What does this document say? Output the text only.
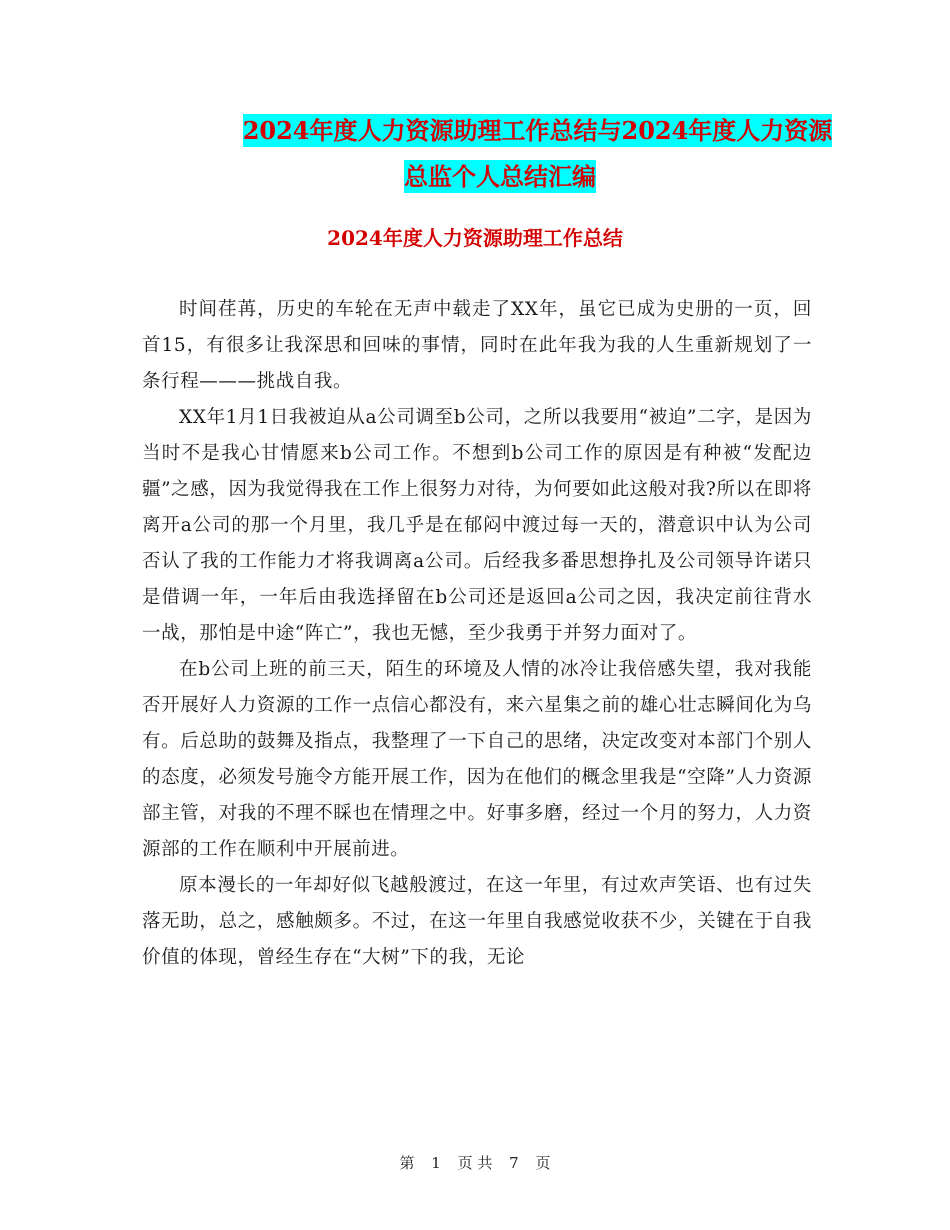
2024年度人力资源助理工作总结与2024年度人力资源
总监个人总结汇编
2024年度人力资源助理工作总结

时间荏苒，历史的车轮在无声中载走了XX年，虽它已成为史册的一页，回首15，有很多让我深思和回味的事情，同时在此年我为我的人生重新规划了一条行程———挑战自我。

XX年1月1日我被迫从a公司调至b公司，之所以我要用“被迫”二字，是因为当时不是我心甘情愿来b公司工作。不想到b公司工作的原因是有种被“发配边疆”之感，因为我觉得我在工作上很努力对待，为何要如此这般对我?所以在即将离开a公司的那一个月里，我几乎是在郁闷中渡过每一天的，潜意识中认为公司否认了我的工作能力才将我调离a公司。后经我多番思想挣扎及公司领导许诺只是借调一年，一年后由我选择留在b公司还是返回a公司之因，我决定前往背水一战，那怕是中途“阵亡”，我也无憾，至少我勇于并努力面对了。

在b公司上班的前三天，陌生的环境及人情的冰冷让我倍感失望，我对我能否开展好人力资源的工作一点信心都没有，来六星集之前的雄心壮志瞬间化为乌有。后总助的鼓舞及指点，我整理了一下自己的思绪，决定改变对本部门个别人的态度，必须发号施令方能开展工作，因为在他们的概念里我是“空降”人力资源部主管，对我的不理不睬也在情理之中。好事多磨，经过一个月的努力，人力资源部的工作在顺利中开展前进。

原本漫长的一年却好似飞越般渡过，在这一年里，有过欢声笑语、也有过失落无助，总之，感触颇多。不过，在这一年里自我感觉收获不少，关键在于自我价值的体现，曾经生存在“大树”下的我，无论

第 1 页 共 7 页
